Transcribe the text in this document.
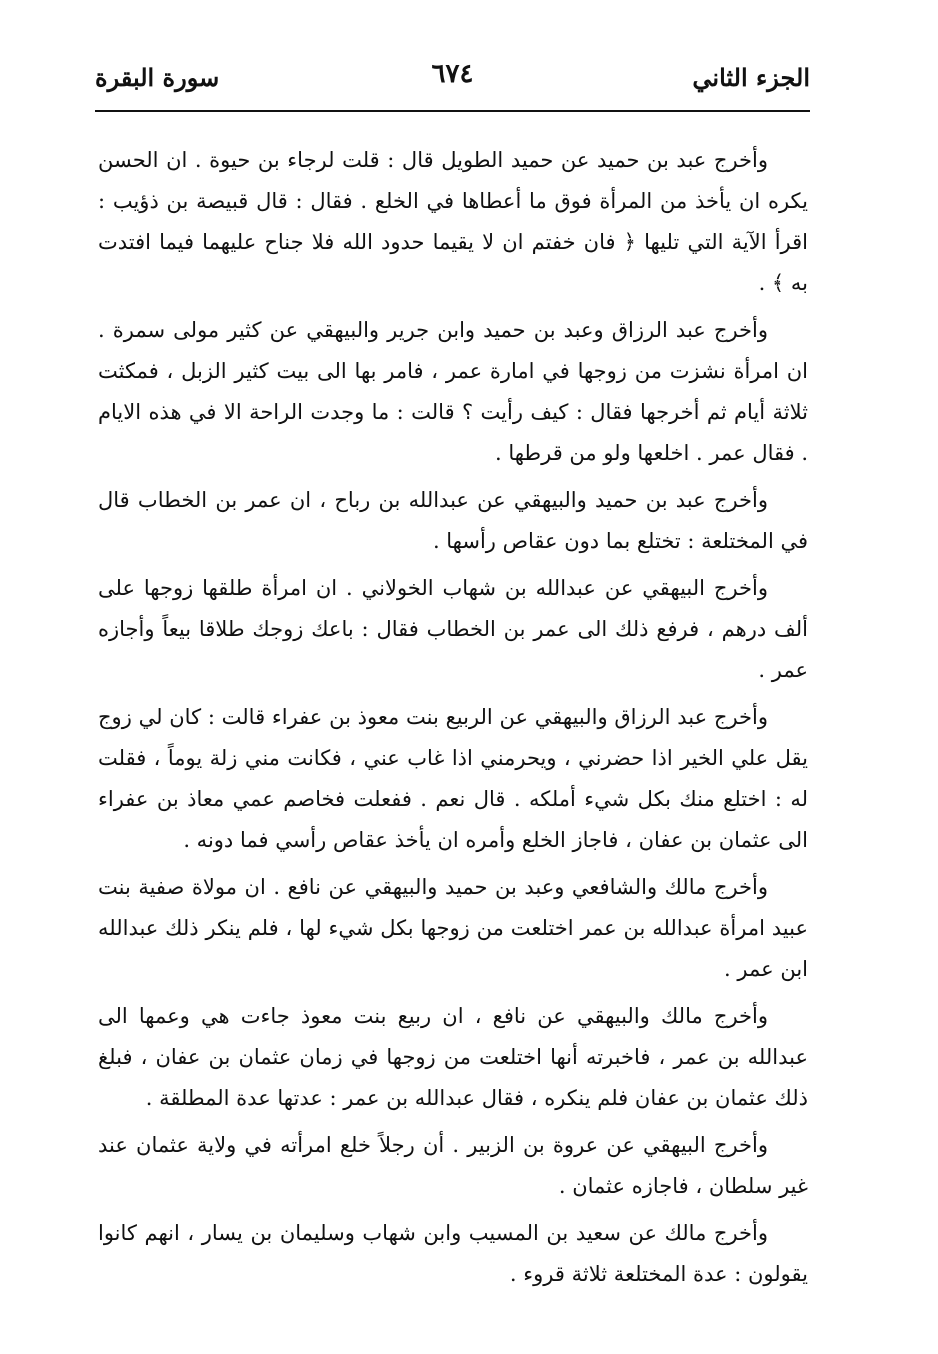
الجزء الثاني
٦٧٤
سورة البقرة

وأخرج عبد بن حميد عن حميد الطويل قال : قلت لرجاء بن حيوة . ان الحسن يكره ان يأخذ من المرأة فوق ما أعطاها في الخلع . فقال : قال قبيصة بن ذؤيب : اقرأ الآية التي تليها ﴿ فان خفتم ان لا يقيما حدود الله فلا جناح عليهما فيما افتدت به ﴾ .

وأخرج عبد الرزاق وعبد بن حميد وابن جرير والبيهقي عن كثير مولى سمرة . ان امرأة نشزت من زوجها في امارة عمر ، فامر بها الى بيت كثير الزبل ، فمكثت ثلاثة أيام ثم أخرجها فقال : كيف رأيت ؟ قالت : ما وجدت الراحة الا في هذه الايام . فقال عمر . اخلعها ولو من قرطها .

وأخرج عبد بن حميد والبيهقي عن عبدالله بن رباح ، ان عمر بن الخطاب قال في المختلعة : تختلع بما دون عقاص رأسها .

وأخرج البيهقي عن عبدالله بن شهاب الخولاني . ان امرأة طلقها زوجها على ألف درهم ، فرفع ذلك الى عمر بن الخطاب فقال : باعك زوجك طلاقا بيعاً وأجازه عمر .

وأخرج عبد الرزاق والبيهقي عن الربيع بنت معوذ بن عفراء قالت : كان لي زوج يقل علي الخير اذا حضرني ، ويحرمني اذا غاب عني ، فكانت مني زلة يوماً ، فقلت له : اختلع منك بكل شيء أملكه . قال نعم . ففعلت فخاصم عمي معاذ بن عفراء الى عثمان بن عفان ، فاجاز الخلع وأمره ان يأخذ عقاص رأسي فما دونه .

وأخرج مالك والشافعي وعبد بن حميد والبيهقي عن نافع . ان مولاة صفية بنت عبيد امرأة عبدالله بن عمر اختلعت من زوجها بكل شيء لها ، فلم ينكر ذلك عبدالله ابن عمر .

وأخرج مالك والبيهقي عن نافع ، ان ربيع بنت معوذ جاءت هي وعمها الى عبدالله بن عمر ، فاخبرته أنها اختلعت من زوجها في زمان عثمان بن عفان ، فبلغ ذلك عثمان بن عفان فلم ينكره ، فقال عبدالله بن عمر : عدتها عدة المطلقة .

وأخرج البيهقي عن عروة بن الزبير . أن رجلاً خلع امرأته في ولاية عثمان عند غير سلطان ، فاجازه عثمان .

وأخرج مالك عن سعيد بن المسيب وابن شهاب وسليمان بن يسار ، انهم كانوا يقولون : عدة المختلعة ثلاثة قروء .
